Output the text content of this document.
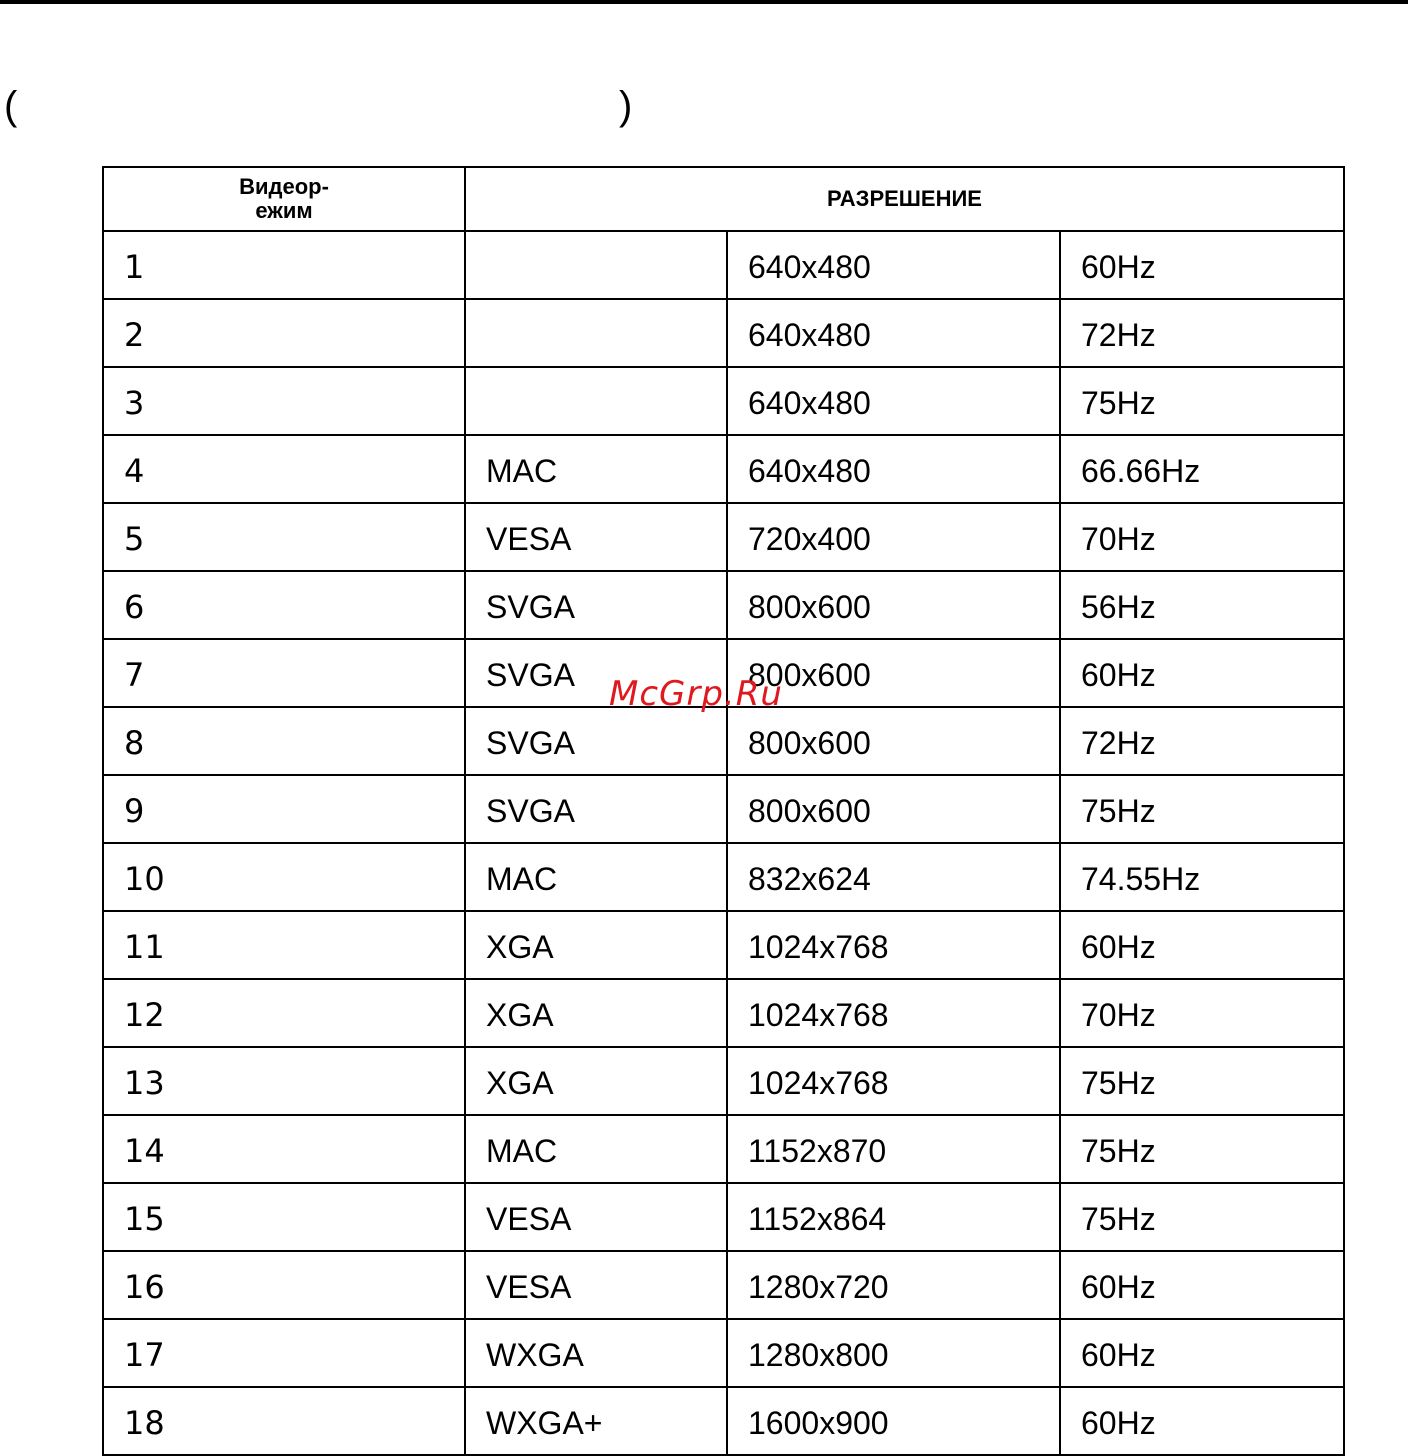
(	)
Видеор-
ежим	РАЗРЕШЕНИЕ		
1		640x480	60Hz
2		640x480	72Hz
3		640x480	75Hz
4	MAC	640x480	66.66Hz
5	VESA	720x400	70Hz
6	SVGA	800x600	56Hz
7	SVGA	800x600	60Hz
8	SVGA	800x600	72Hz
9	SVGA	800x600	75Hz
10	MAC	832x624	74.55Hz
11	XGA	1024x768	60Hz
12	XGA	1024x768	70Hz
13	XGA	1024x768	75Hz
14	MAC	1152x870	75Hz
15	VESA	1152x864	75Hz
16	VESA	1280x720	60Hz
17	WXGA	1280x800	60Hz
18	WXGA+	1600x900	60Hz
McGrp.Ru
